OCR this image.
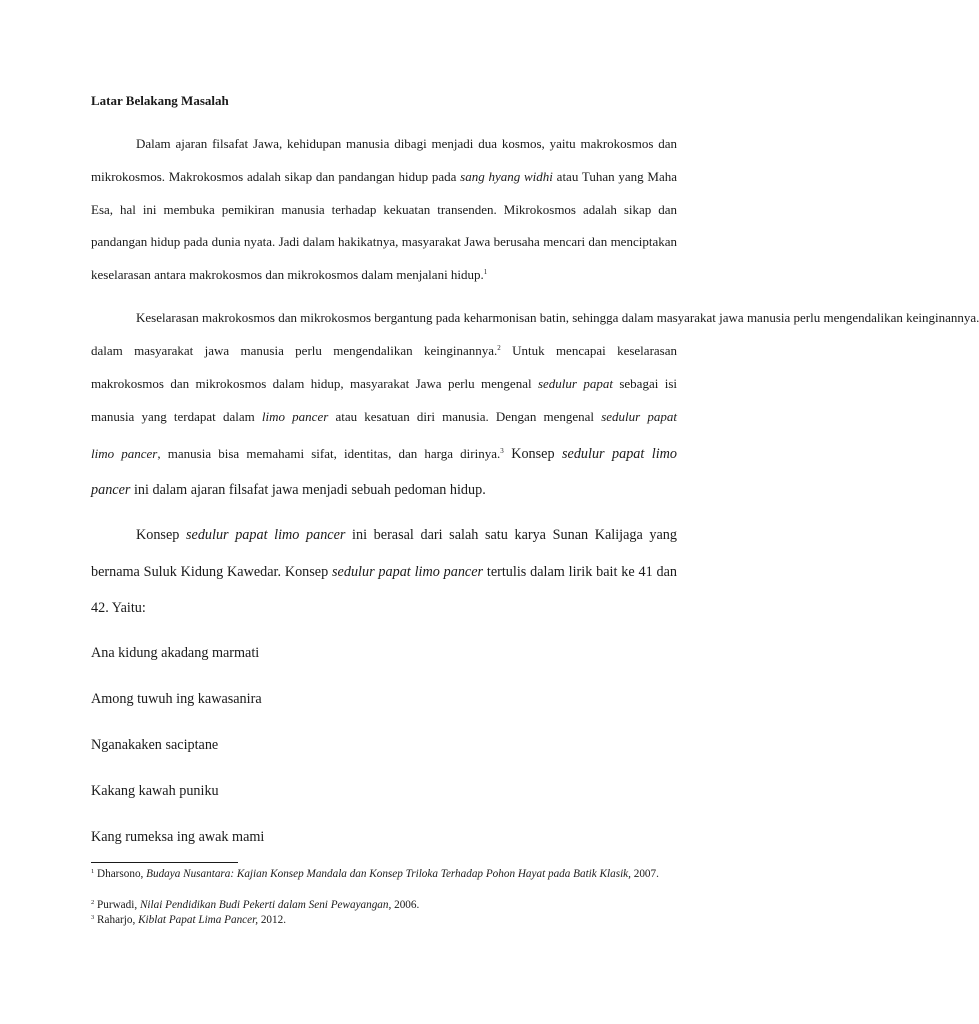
Latar Belakang Masalah

Dalam ajaran filsafat Jawa, kehidupan manusia dibagi menjadi dua kosmos, yaitu makrokosmos dan mikrokosmos. Makrokosmos adalah sikap dan pandangan hidup pada sang hyang widhi atau Tuhan yang Maha Esa, hal ini membuka pemikiran manusia terhadap kekuatan transenden. Mikrokosmos adalah sikap dan pandangan hidup pada dunia nyata. Jadi dalam hakikatnya, masyarakat Jawa berusaha mencari dan menciptakan keselarasan antara makrokosmos dan mikrokosmos dalam menjalani hidup.$^1$

Keselarasan makrokosmos dan mikrokosmos bergantung pada keharmonisan batin, sehingga dalam masyarakat jawa manusia perlu mengendalikan keinginannya.
dalam masyarakat jawa manusia perlu mengendalikan keinginannya.$^2$ Untuk mencapai keselarasan
makrokosmos dan mikrokosmos dalam hidup, masyarakat Jawa perlu mengenal sedulur papat sebagai isi
manusia yang terdapat dalam limo pancer atau kesatuan diri manusia. Dengan mengenal sedulur papat
limo pancer, manusia bisa memahami sifat, identitas, dan harga dirinya.$^3$ Konsep sedulur papat limo
pancer ini dalam ajaran filsafat jawa menjadi sebuah pedoman hidup.

Konsep sedulur papat limo pancer ini berasal dari salah satu karya Sunan Kalijaga yang bernama Suluk Kidung Kawedar. Konsep sedulur papat limo pancer tertulis dalam lirik bait ke 41 dan 42. Yaitu:

Ana kidung akadang marmati

Among tuwuh ing kawasanira

Nganakaken saciptane

Kakang kawah puniku

Kang rumeksa ing awak mami

$^1$ Dharsono, Budaya Nusantara: Kajian Konsep Mandala dan Konsep Triloka Terhadap Pohon Hayat pada Batik Klasik, 2007.

$^2$ Purwadi, Nilai Pendidikan Budi Pekerti dalam Seni Pewayangan, 2006.

$^3$ Raharjo, Kiblat Papat Lima Pancer, 2012.
